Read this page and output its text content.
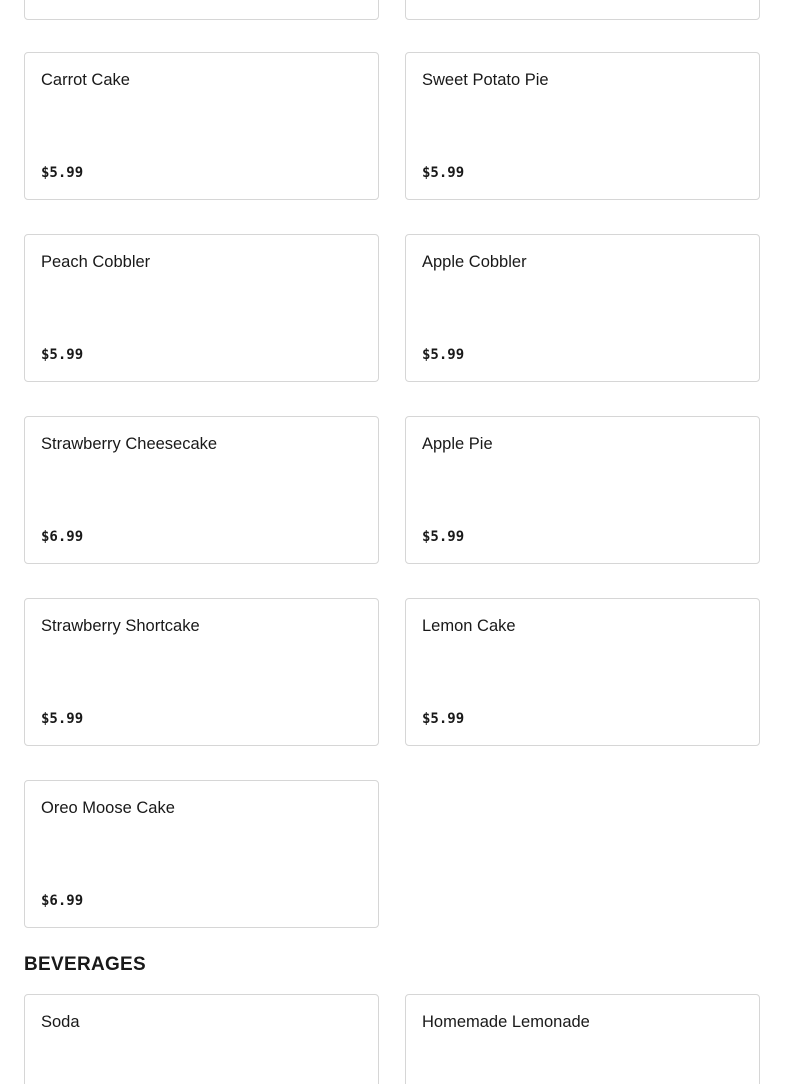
Carrot Cake
$5.99
Sweet Potato Pie
$5.99
Peach Cobbler
$5.99
Apple Cobbler
$5.99
Strawberry Cheesecake
$6.99
Apple Pie
$5.99
Strawberry Shortcake
$5.99
Lemon Cake
$5.99
Oreo Moose Cake
$6.99
BEVERAGES
Soda	Homemade Lemonade
